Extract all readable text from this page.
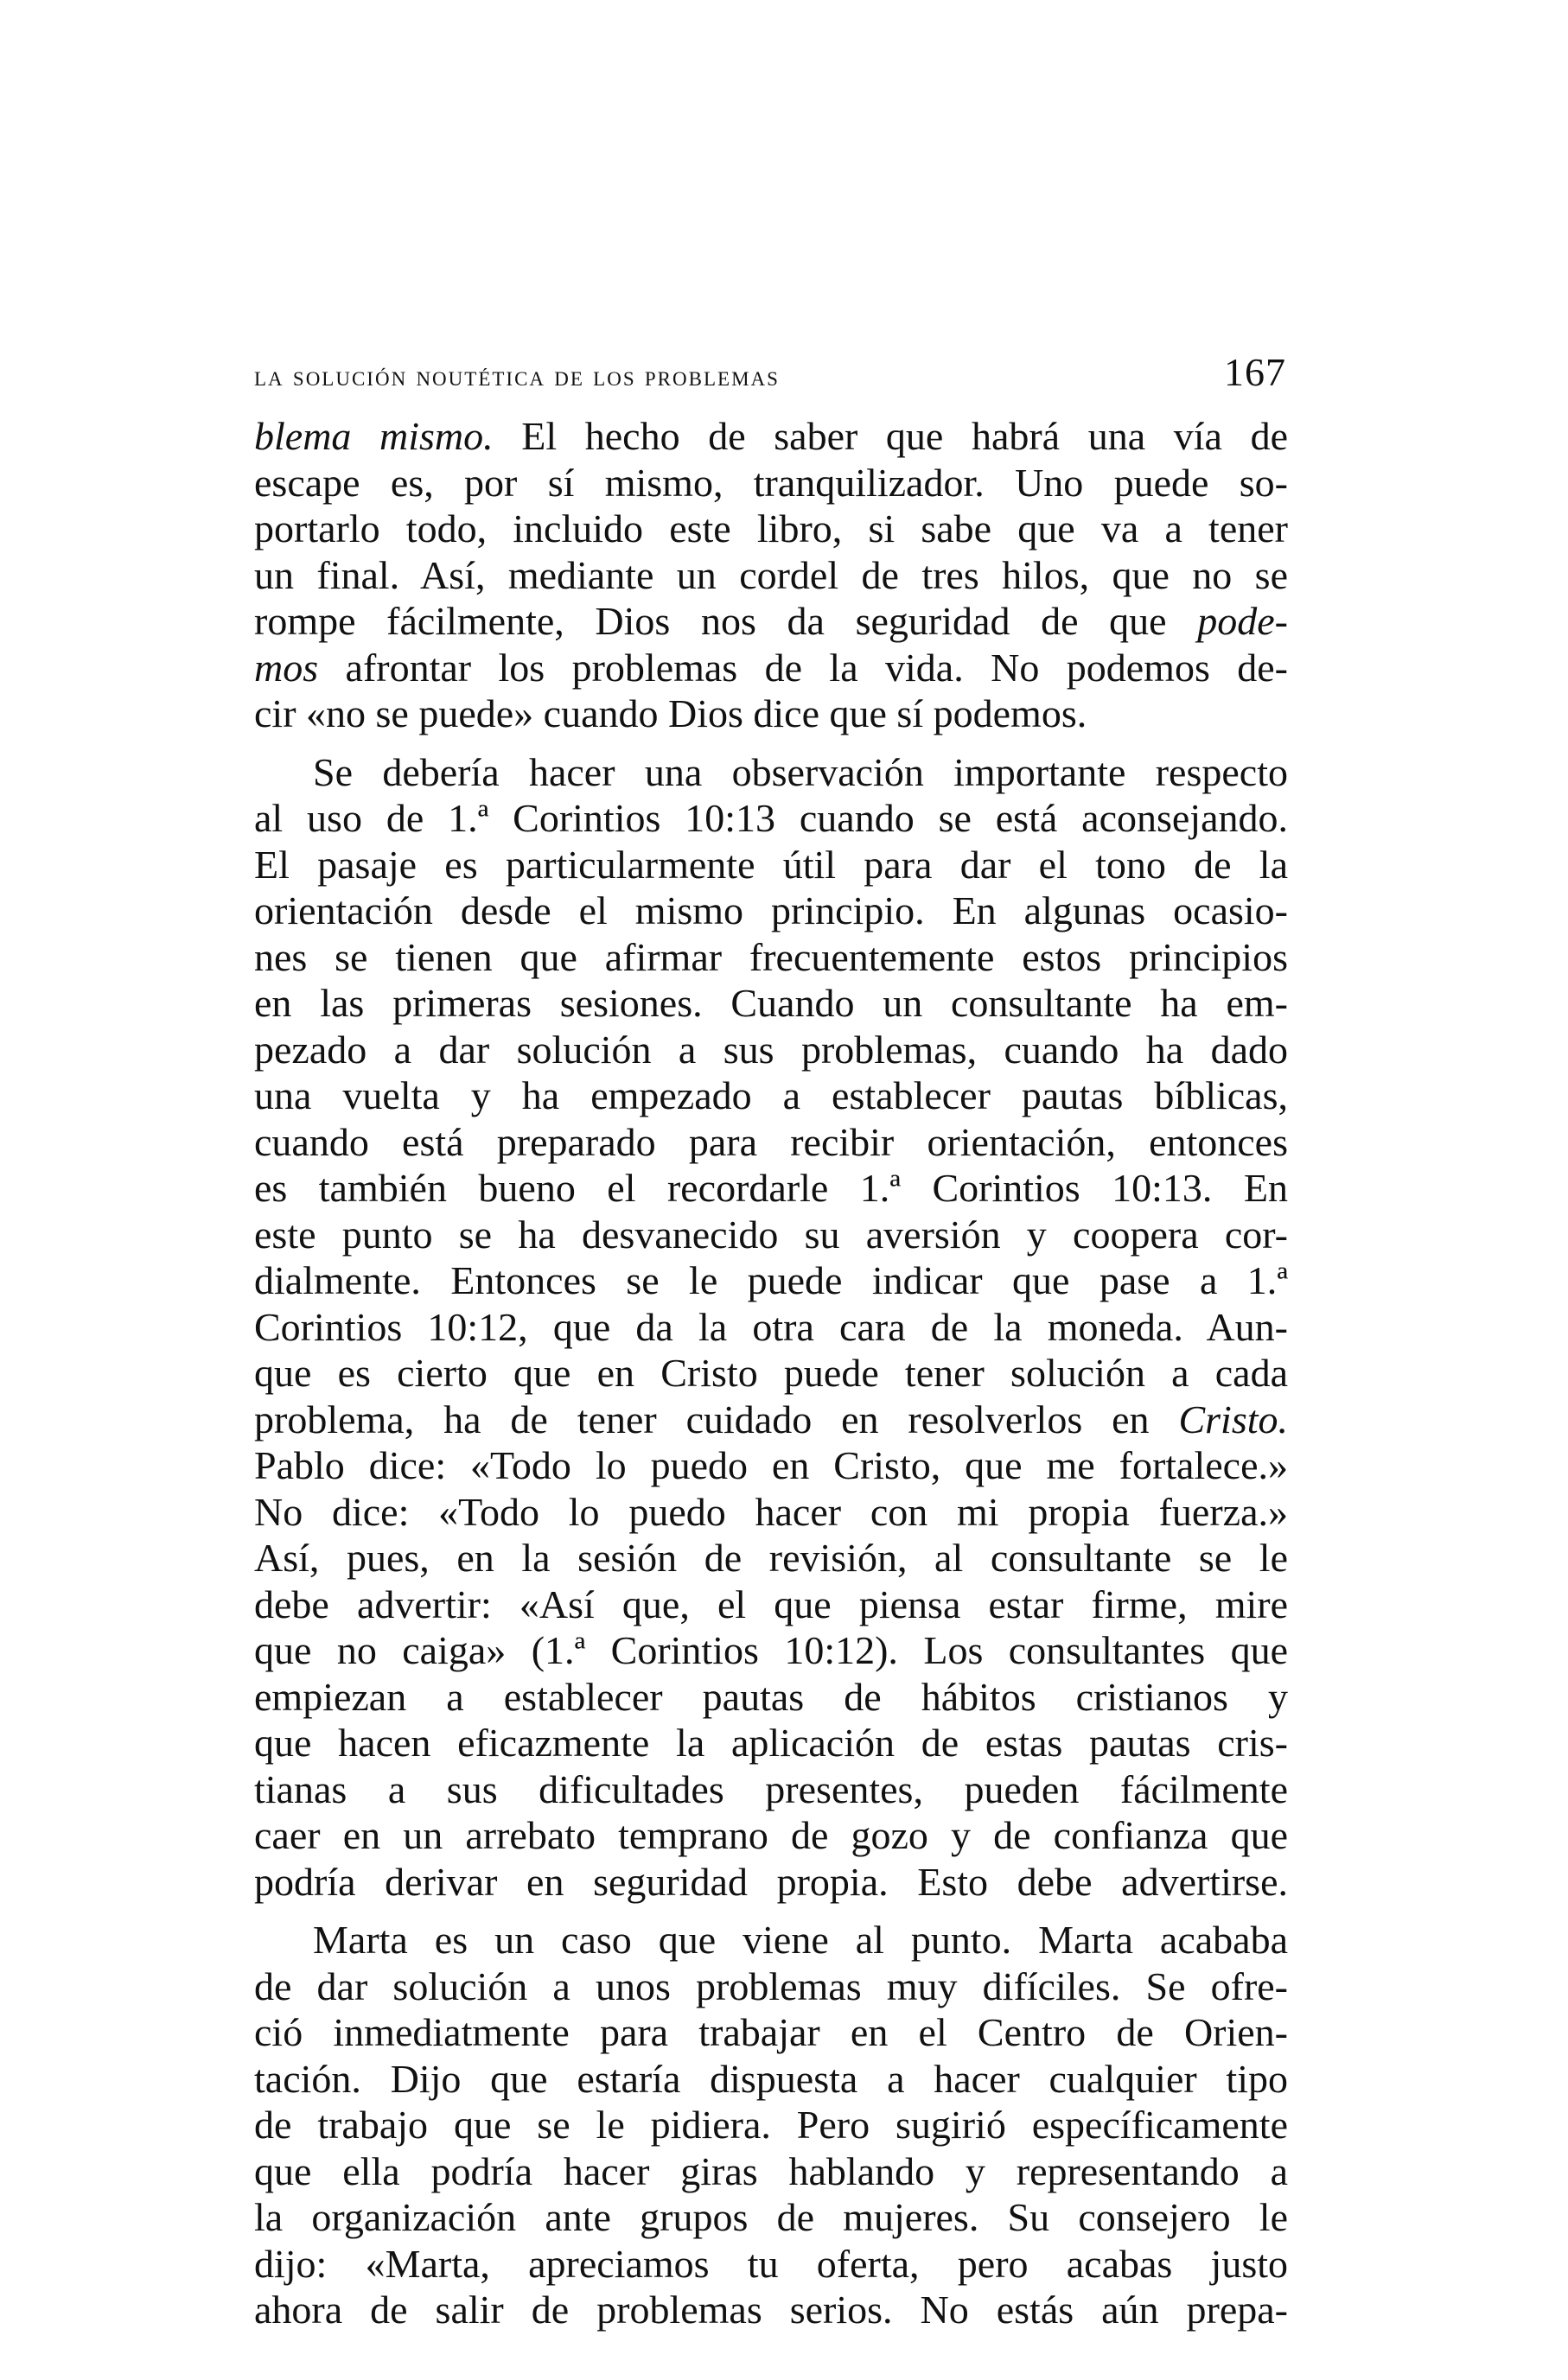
la solución noutética de los problemas	167
blema mismo. El hecho de saber que habrá una vía de
escape es, por sí mismo, tranquilizador. Uno puede so-
portarlo todo, incluido este libro, si sabe que va a tener
un final. Así, mediante un cordel de tres hilos, que no se
rompe fácilmente, Dios nos da seguridad de que pode-
mos afrontar los problemas de la vida. No podemos de-
cir «no se puede» cuando Dios dice que sí podemos.
Se debería hacer una observación importante respecto
al uso de 1.ª Corintios 10:13 cuando se está aconsejando.
El pasaje es particularmente útil para dar el tono de la
orientación desde el mismo principio. En algunas ocasio-
nes se tienen que afirmar frecuentemente estos principios
en las primeras sesiones. Cuando un consultante ha em-
pezado a dar solución a sus problemas, cuando ha dado
una vuelta y ha empezado a establecer pautas bíblicas,
cuando está preparado para recibir orientación, entonces
es también bueno el recordarle 1.ª Corintios 10:13. En
este punto se ha desvanecido su aversión y coopera cor-
dialmente. Entonces se le puede indicar que pase a 1.ª
Corintios 10:12, que da la otra cara de la moneda. Aun-
que es cierto que en Cristo puede tener solución a cada
problema, ha de tener cuidado en resolverlos en Cristo.
Pablo dice: «Todo lo puedo en Cristo, que me fortalece.»
No dice: «Todo lo puedo hacer con mi propia fuerza.»
Así, pues, en la sesión de revisión, al consultante se le
debe advertir: «Así que, el que piensa estar firme, mire
que no caiga» (1.ª Corintios 10:12). Los consultantes que
empiezan a establecer pautas de hábitos cristianos y
que hacen eficazmente la aplicación de estas pautas cris-
tianas a sus dificultades presentes, pueden fácilmente
caer en un arrebato temprano de gozo y de confianza que
podría derivar en seguridad propia. Esto debe advertirse.
Marta es un caso que viene al punto. Marta acababa
de dar solución a unos problemas muy difíciles. Se ofre-
ció inmediatmente para trabajar en el Centro de Orien-
tación. Dijo que estaría dispuesta a hacer cualquier tipo
de trabajo que se le pidiera. Pero sugirió específicamente
que ella podría hacer giras hablando y representando a
la organización ante grupos de mujeres. Su consejero le
dijo: «Marta, apreciamos tu oferta, pero acabas justo
ahora de salir de problemas serios. No estás aún prepa-
